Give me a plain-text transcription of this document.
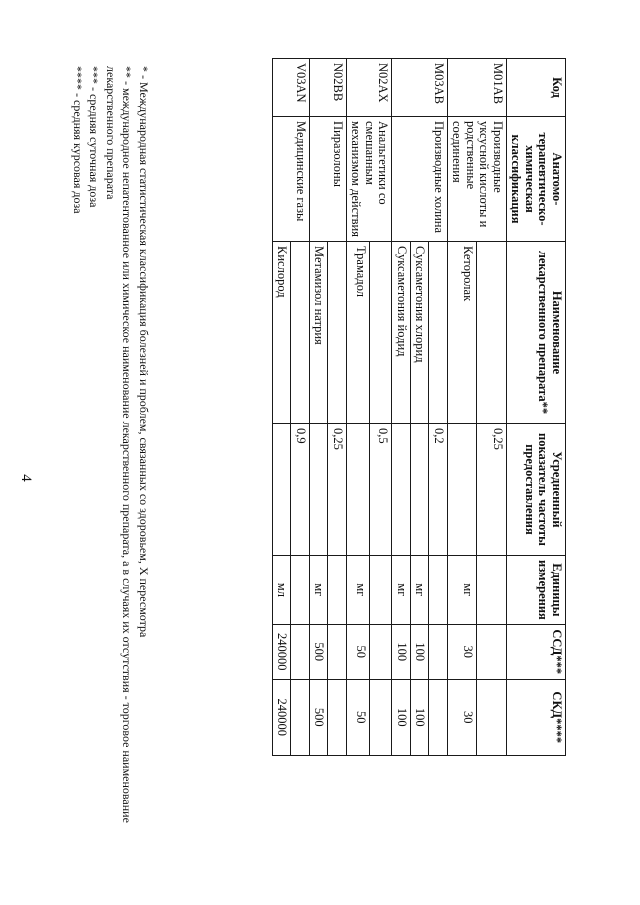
4
Код	Анатомо-терапевтическо-химическая классификация	Наименование лекарственного препарата**	Усредненный показатель частоты предоставления	Единицы измерения	ССД***	СКД****
M01AB	Производные уксусной кислоты и родственные соединения		0,25			
		Кеторолак		мг	30	30
M03AB	Производные холина		0,2			
		Суксаметония хлорид		мг	100	100
		Суксаметония йодид		мг	100	100
N02AX	Анальгетики со смешанным механизмом действия		0,5			
		Трамадол		мг	50	50
N02BB	Пиразолоны		0,25			
		Метамизол натрия		мг	500	500
V03AN	Медицинские газы		0,9			
		Кислород		мл	240000	240000
* - Международная статистическая классификация болезней и проблем, связанных со здоровьем, X пересмотра
** - международное непатентованное или химическое наименование лекарственного препарата, а в случаях их отсутствия - торговое наименование лекарственного препарата
*** - средняя суточная доза
**** - средняя курсовая доза
